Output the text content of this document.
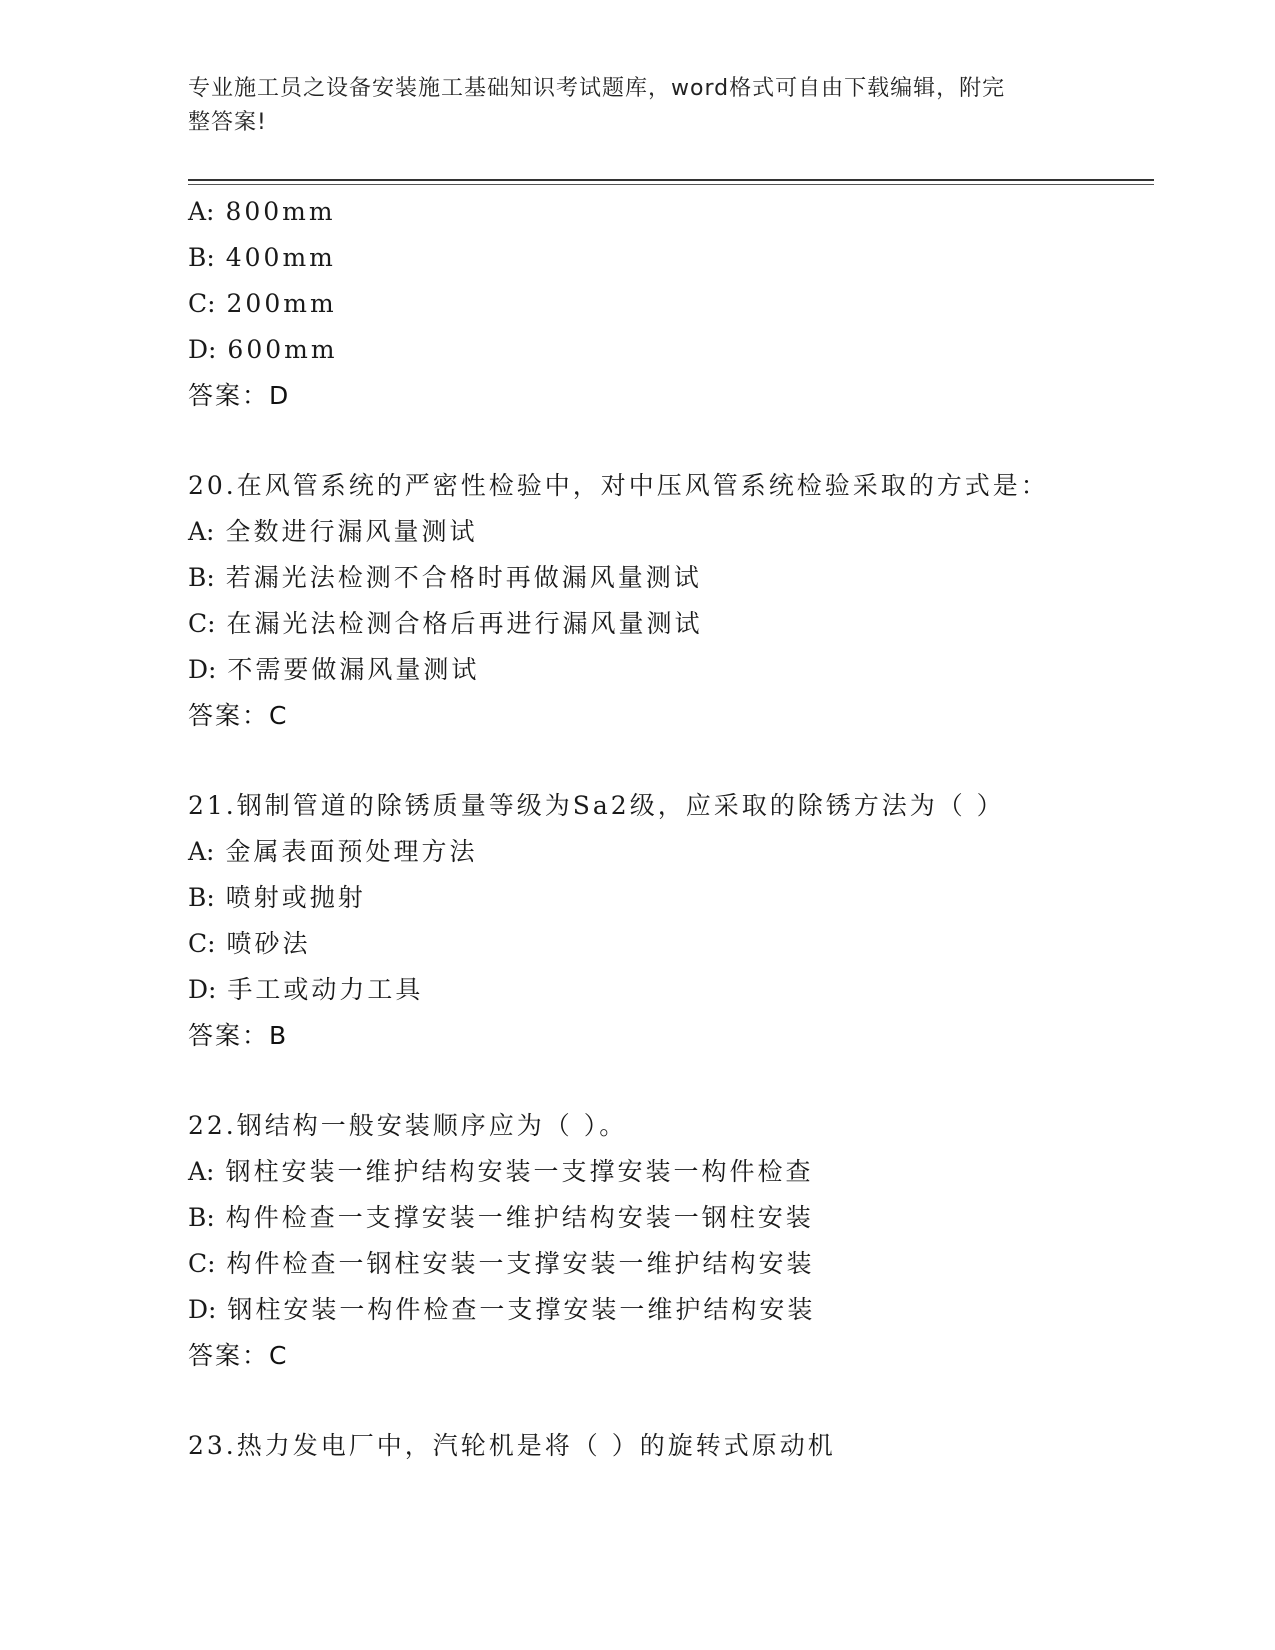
专业施工员之设备安装施工基础知识考试题库，word格式可自由下载编辑，附完
整答案!
A: 800mm
B: 400mm
C: 200mm
D: 600mm
答案：D
20.在风管系统的严密性检验中，对中压风管系统检验采取的方式是：
A: 全数进行漏风量测试
B: 若漏光法检测不合格时再做漏风量测试
C: 在漏光法检测合格后再进行漏风量测试
D: 不需要做漏风量测试
答案：C
21.钢制管道的除锈质量等级为Sa2级，应采取的除锈方法为（ ）
A: 金属表面预处理方法
B: 喷射或抛射
C: 喷砂法
D: 手工或动力工具
答案：B
22.钢结构一般安装顺序应为（ ）。
A: 钢柱安装一维护结构安装一支撑安装一构件检查
B: 构件检查一支撑安装一维护结构安装一钢柱安装
C: 构件检查一钢柱安装一支撑安装一维护结构安装
D: 钢柱安装一构件检查一支撑安装一维护结构安装
答案：C
23.热力发电厂中，汽轮机是将（ ）的旋转式原动机
